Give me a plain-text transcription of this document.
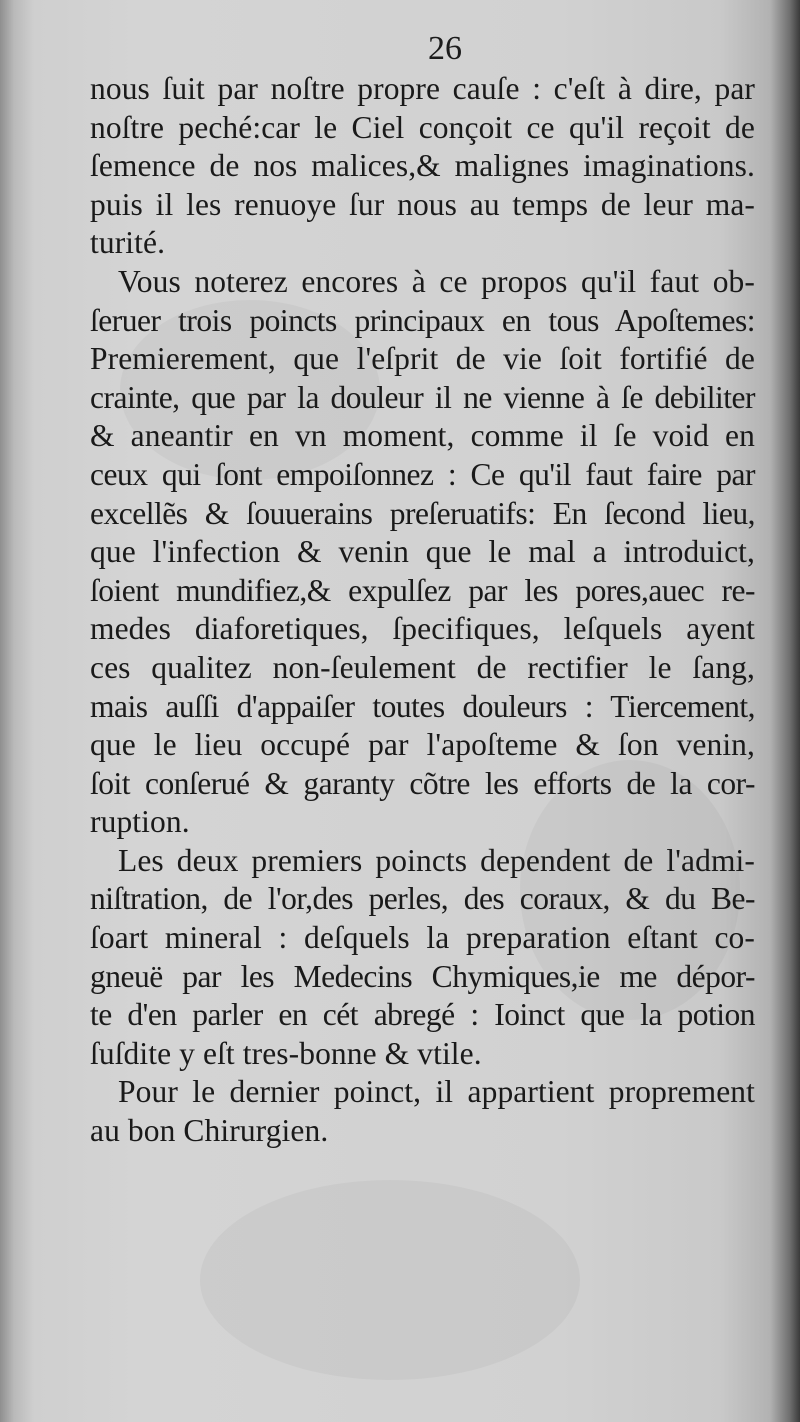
26
nous ſuit par noſtre propre cauſe : c'eſt à dire, par
noſtre peché:car le Ciel conçoit ce qu'il reçoit de
ſemence de nos malices,& malignes imaginations.
puis il les renuoye ſur nous au temps de leur ma-
turité.
Vous noterez encores à ce propos qu'il faut ob-
ſeruer trois poincts principaux en tous Apoſtemes:
Premierement, que l'eſprit de vie ſoit fortifié de
crainte, que par la douleur il ne vienne à ſe debiliter
& aneantir en vn moment, comme il ſe void en
ceux qui ſont empoiſonnez : Ce qu'il faut faire par
excellẽs & ſouuerains preſeruatifs: En ſecond lieu,
que l'infection & venin que le mal a introduict,
ſoient mundifiez,& expulſez par les pores,auec re-
medes diaforetiques, ſpecifiques, leſquels ayent
ces qualitez non-ſeulement de rectifier le ſang,
mais auſſi d'appaiſer toutes douleurs : Tiercement,
que le lieu occupé par l'apoſteme & ſon venin,
ſoit conſerué & garanty cõtre les efforts de la cor-
ruption.
Les deux premiers poincts dependent de l'admi-
niſtration, de l'or,des perles, des coraux, & du Be-
ſoart mineral : deſquels la preparation eſtant co-
gneuë par les Medecins Chymiques,ie me dépor-
te d'en parler en cét abregé : Ioinct que la potion
ſuſdite y eſt tres-bonne & vtile.
Pour le dernier poinct, il appartient proprement
au bon Chirurgien.
